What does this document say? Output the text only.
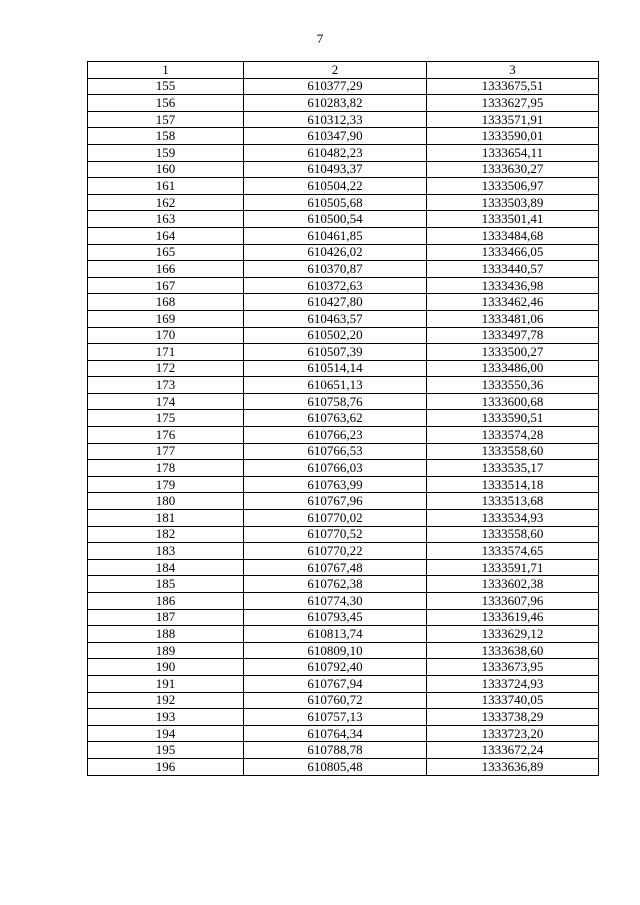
7
1	2	3
155	610377,29	1333675,51
156	610283,82	1333627,95
157	610312,33	1333571,91
158	610347,90	1333590,01
159	610482,23	1333654,11
160	610493,37	1333630,27
161	610504,22	1333506,97
162	610505,68	1333503,89
163	610500,54	1333501,41
164	610461,85	1333484,68
165	610426,02	1333466,05
166	610370,87	1333440,57
167	610372,63	1333436,98
168	610427,80	1333462,46
169	610463,57	1333481,06
170	610502,20	1333497,78
171	610507,39	1333500,27
172	610514,14	1333486,00
173	610651,13	1333550,36
174	610758,76	1333600,68
175	610763,62	1333590,51
176	610766,23	1333574,28
177	610766,53	1333558,60
178	610766,03	1333535,17
179	610763,99	1333514,18
180	610767,96	1333513,68
181	610770,02	1333534,93
182	610770,52	1333558,60
183	610770,22	1333574,65
184	610767,48	1333591,71
185	610762,38	1333602,38
186	610774,30	1333607,96
187	610793,45	1333619,46
188	610813,74	1333629,12
189	610809,10	1333638,60
190	610792,40	1333673,95
191	610767,94	1333724,93
192	610760,72	1333740,05
193	610757,13	1333738,29
194	610764,34	1333723,20
195	610788,78	1333672,24
196	610805,48	1333636,89
